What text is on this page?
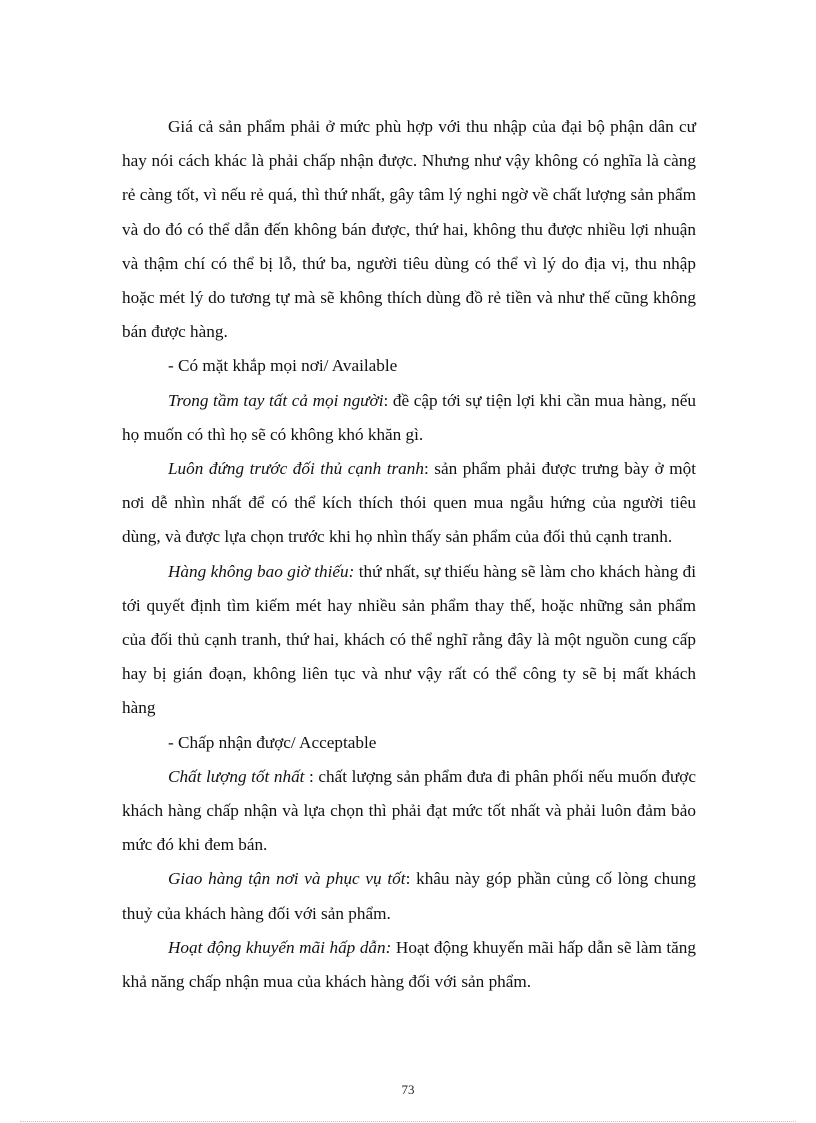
Giá cả sản phẩm phải ở mức phù hợp với thu nhập của đại bộ phận dân cư hay nói cách khác là phải chấp nhận được. Nhưng như vậy không có nghĩa là càng rẻ càng tốt, vì nếu rẻ quá, thì thứ nhất, gây tâm lý nghi ngờ về chất lượng sản phẩm và do đó có thể dẫn đến không bán được, thứ hai, không thu được nhiều lợi nhuận và thậm chí có thể bị lỗ, thứ ba, người tiêu dùng có thể vì lý do địa vị, thu nhập hoặc mét lý do tương tự mà sẽ không thích dùng đồ rẻ tiền và như thế cũng không bán được hàng.

- Có mặt khắp mọi nơi/ Available

Trong tầm tay tất cả mọi người: đề cập tới sự tiện lợi khi cần mua hàng, nếu họ muốn có thì họ sẽ có không khó khăn gì.

Luôn đứng trước đối thủ cạnh tranh: sản phẩm phải được trưng bày ở một nơi dễ nhìn nhất để có thể kích thích thói quen mua ngẫu hứng của người tiêu dùng, và được lựa chọn trước khi họ nhìn thấy sản phẩm của đối thủ cạnh tranh.

Hàng không bao giờ thiếu: thứ nhất, sự thiếu hàng sẽ làm cho khách hàng đi tới quyết định tìm kiếm mét hay nhiều sản phẩm thay thế, hoặc những sản phẩm của đối thủ cạnh tranh, thứ hai, khách có thể nghĩ rằng đây là một nguồn cung cấp hay bị gián đoạn, không liên tục và như vậy rất có thể công ty sẽ bị mất khách hàng

- Chấp nhận được/ Acceptable

Chất lượng tốt nhất : chất lượng sản phẩm đưa đi phân phối nếu muốn được khách hàng chấp nhận và lựa chọn thì phải đạt mức tốt nhất và phải luôn đảm bảo mức đó khi đem bán.

Giao hàng tận nơi và phục vụ tốt: khâu này góp phần củng cố lòng chung thuỷ của khách hàng đối với sản phẩm.

Hoạt động khuyến mãi hấp dẫn: Hoạt động khuyến mãi hấp dẫn sẽ làm tăng khả năng chấp nhận mua của khách hàng đối với sản phẩm.

73
